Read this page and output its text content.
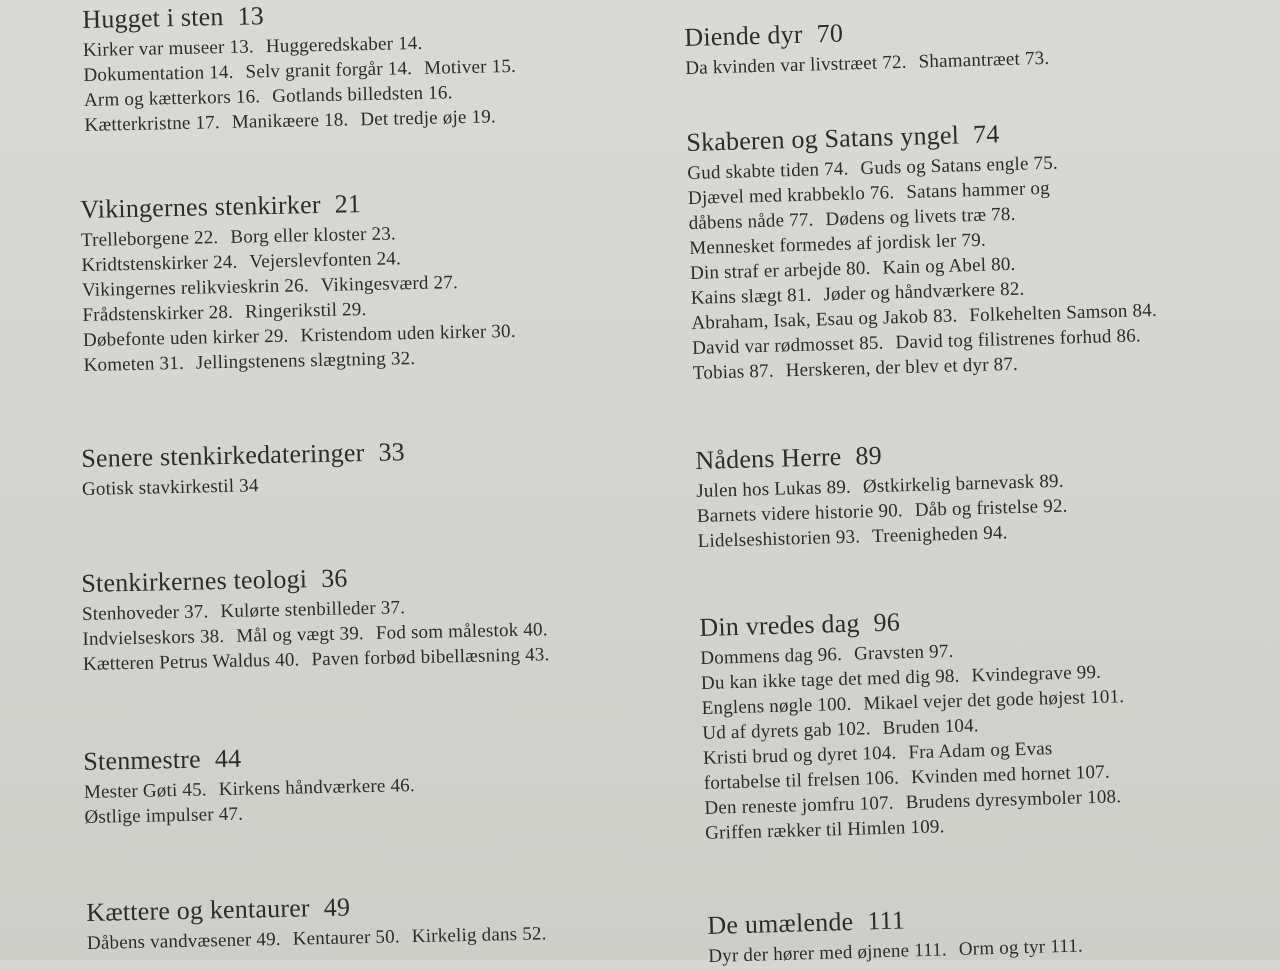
Hugget i sten 13
Kirker var museer 13. Huggeredskaber 14.
Dokumentation 14. Selv granit forgår 14. Motiver 15.
Arm og kætterkors 16. Gotlands billedsten 16.
Kætterkristne 17. Manikæere 18. Det tredje øje 19.
Vikingernes stenkirker 21
Trelleborgene 22. Borg eller kloster 23.
Kridtstenskirker 24. Vejerslevfonten 24.
Vikingernes relikvieskrin 26. Vikingesværd 27.
Frådstenskirker 28. Ringerikstil 29.
Døbefonte uden kirker 29. Kristendom uden kirker 30.
Kometen 31. Jellingstenens slægtning 32.
Senere stenkirkedateringer 33
Gotisk stavkirkestil 34
Stenkirkernes teologi 36
Stenhoveder 37. Kulørte stenbilleder 37.
Indvielseskors 38. Mål og vægt 39. Fod som målestok 40.
Kætteren Petrus Waldus 40. Paven forbød bibellæsning 43.
Stenmestre 44
Mester Gøti 45. Kirkens håndværkere 46.
Østlige impulser 47.
Kættere og kentaurer 49
Dåbens vandvæsener 49. Kentaurer 50. Kirkelig dans 52.
Diende dyr 70
Da kvinden var livstræet 72. Shamantræet 73.
Skaberen og Satans yngel 74
Gud skabte tiden 74. Guds og Satans engle 75.
Djævel med krabbeklo 76. Satans hammer og
dåbens nåde 77. Dødens og livets træ 78.
Mennesket formedes af jordisk ler 79.
Din straf er arbejde 80. Kain og Abel 80.
Kains slægt 81. Jøder og håndværkere 82.
Abraham, Isak, Esau og Jakob 83. Folkehelten Samson 84.
David var rødmosset 85. David tog filistrenes forhud 86.
Tobias 87. Herskeren, der blev et dyr 87.
Nådens Herre 89
Julen hos Lukas 89. Østkirkelig barnevask 89.
Barnets videre historie 90. Dåb og fristelse 92.
Lidelseshistorien 93. Treenigheden 94.
Din vredes dag 96
Dommens dag 96. Gravsten 97.
Du kan ikke tage det med dig 98. Kvindegrave 99.
Englens nøgle 100. Mikael vejer det gode højest 101.
Ud af dyrets gab 102. Bruden 104.
Kristi brud og dyret 104. Fra Adam og Evas
fortabelse til frelsen 106. Kvinden med hornet 107.
Den reneste jomfru 107. Brudens dyresymboler 108.
Griffen rækker til Himlen 109.
De umælende 111
Dyr der hører med øjnene 111. Orm og tyr 111.
